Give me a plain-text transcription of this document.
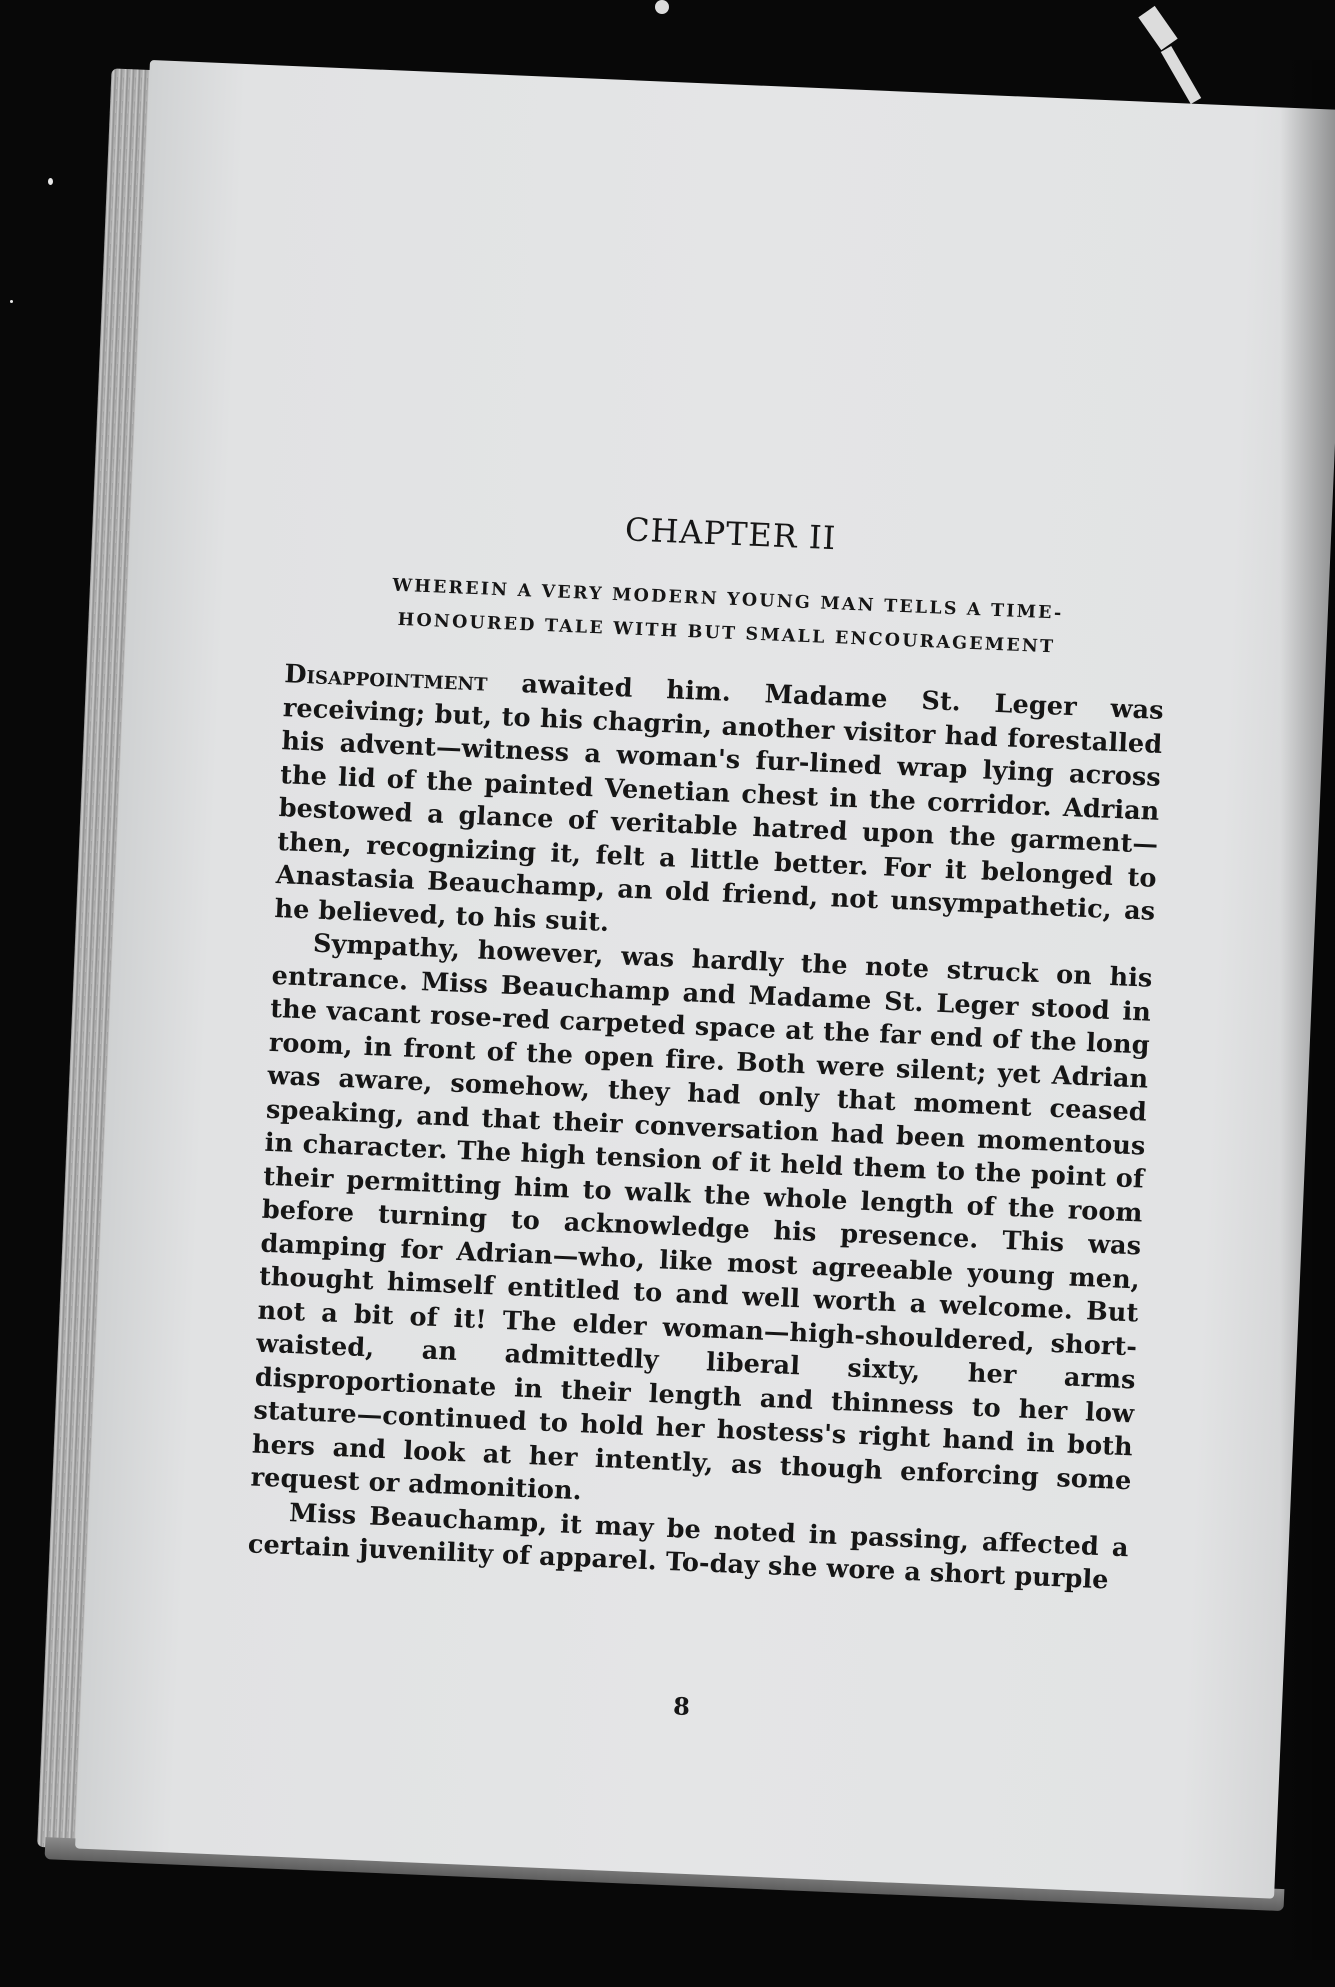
CHAPTER II
WHEREIN A VERY MODERN YOUNG MAN TELLS A TIME-
HONOURED TALE WITH BUT SMALL ENCOURAGEMENT

Disappointment awaited him. Madame St. Leger was receiving; but, to his chagrin, another visitor had forestalled his advent—witness a woman's fur-lined wrap lying across the lid of the painted Venetian chest in the corridor. Adrian bestowed a glance of veritable hatred upon the garment—then, recognizing it, felt a little better. For it belonged to Anastasia Beauchamp, an old friend, not unsympathetic, as he believed, to his suit.

Sympathy, however, was hardly the note struck on his entrance. Miss Beauchamp and Madame St. Leger stood in the vacant rose-red carpeted space at the far end of the long room, in front of the open fire. Both were silent; yet Adrian was aware, somehow, they had only that moment ceased speaking, and that their conversation had been momentous in character. The high tension of it held them to the point of their permitting him to walk the whole length of the room before turning to acknowledge his presence. This was damping for Adrian—who, like most agreeable young men, thought himself entitled to and well worth a welcome. But not a bit of it! The elder woman—high-shouldered, short-waisted, an admittedly liberal sixty, her arms disproportionate in their length and thinness to her low stature—continued to hold her hostess's right hand in both hers and look at her intently, as though enforcing some request or admonition.

Miss Beauchamp, it may be noted in passing, affected a certain juvenility of apparel. To-day she wore a short purple

8
